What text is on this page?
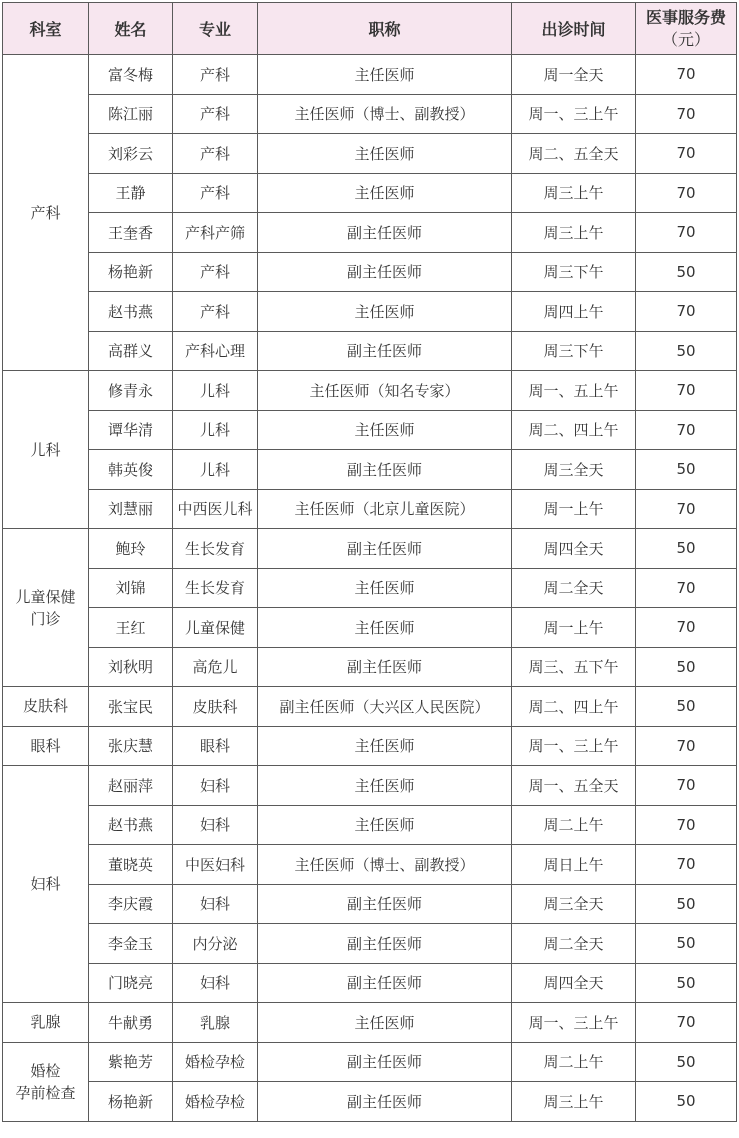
科室	姓名	专业	职称	出诊时间	医事服务费
（元）

产科	富冬梅	产科	主任医师	周一全天	70
	陈江丽	产科	主任医师（博士、副教授）	周一、三上午	70
	刘彩云	产科	主任医师	周二、五全天	70
	王静	产科	主任医师	周三上午	70
	王奎香	产科产筛	副主任医师	周三上午	70
	杨艳新	产科	副主任医师	周三下午	50
	赵书燕	产科	主任医师	周四上午	70
	高群义	产科心理	副主任医师	周三下午	50
儿科	修青永	儿科	主任医师（知名专家）	周一、五上午	70
	谭华清	儿科	主任医师	周二、四上午	70
	韩英俊	儿科	副主任医师	周三全天	50
	刘慧丽	中西医儿科	主任医师（北京儿童医院）	周一上午	70
儿童保健
门诊	鲍玲	生长发育	副主任医师	周四全天	50
	刘锦	生长发育	主任医师	周二全天	70
	王红	儿童保健	主任医师	周一上午	70
	刘秋明	高危儿	副主任医师	周三、五下午	50
皮肤科	张宝民	皮肤科	副主任医师（大兴区人民医院）	周二、四上午	50
眼科	张庆慧	眼科	主任医师	周一、三上午	70
妇科	赵丽萍	妇科	主任医师	周一、五全天	70
	赵书燕	妇科	主任医师	周二上午	70
	董晓英	中医妇科	主任医师（博士、副教授）	周日上午	70
	李庆霞	妇科	副主任医师	周三全天	50
	李金玉	内分泌	副主任医师	周二全天	50
	门晓亮	妇科	副主任医师	周四全天	50
乳腺	牛献勇	乳腺	主任医师	周一、三上午	70
婚检
孕前检查	紫艳芳	婚检孕检	副主任医师	周二上午	50
	杨艳新	婚检孕检	副主任医师	周三上午	50
